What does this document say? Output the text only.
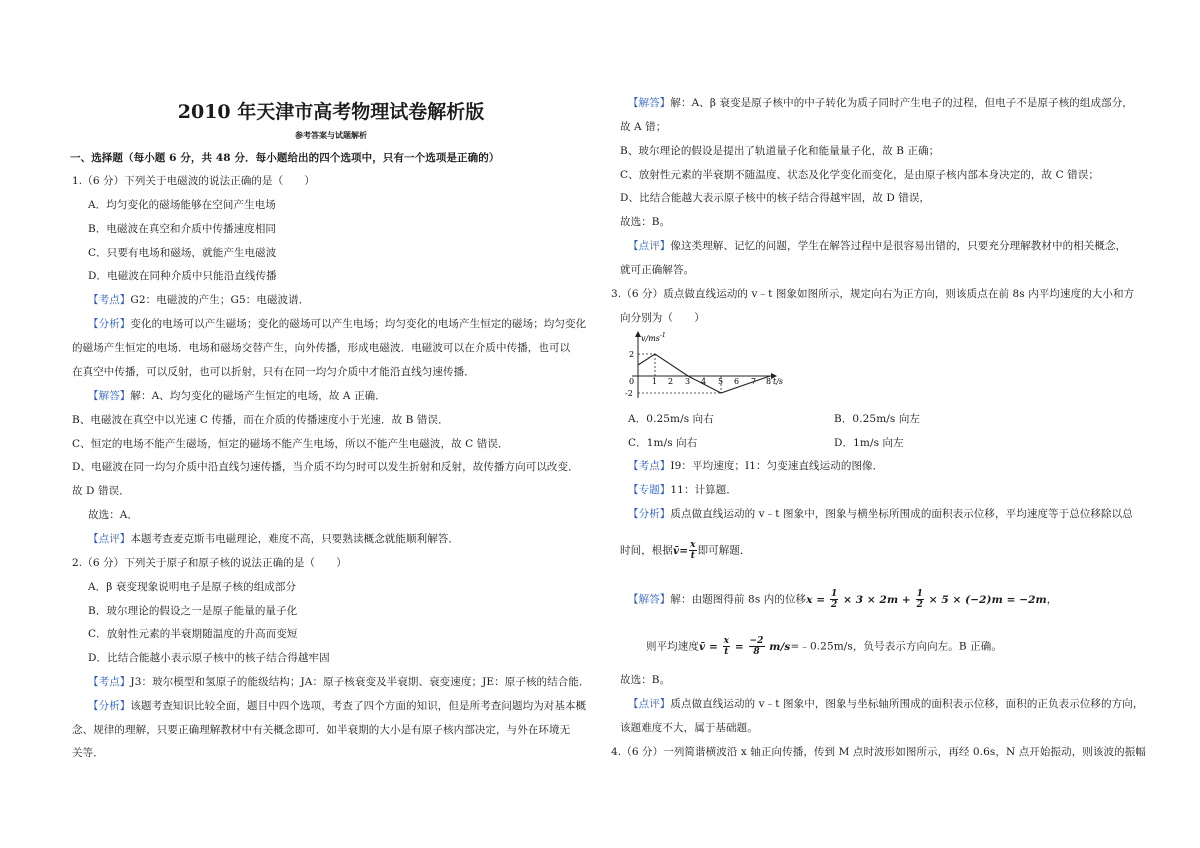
2010 年天津市高考物理试卷解析版
参考答案与试题解析
一、选择题（每小题 6 分，共 48 分．每小题给出的四个选项中，只有一个选项是正确的）
1.（6 分）下列关于电磁波的说法正确的是（　　）
A．均匀变化的磁场能够在空间产生电场
B．电磁波在真空和介质中传播速度相同
C．只要有电场和磁场，就能产生电磁波
D．电磁波在同种介质中只能沿直线传播
【考点】G2：电磁波的产生；G5：电磁波谱．
【分析】变化的电场可以产生磁场；变化的磁场可以产生电场；均匀变化的电场产生恒定的磁场；均匀变化
的磁场产生恒定的电场．电场和磁场交替产生，向外传播，形成电磁波．电磁波可以在介质中传播，也可以
在真空中传播，可以反射，也可以折射，只有在同一均匀介质中才能沿直线匀速传播．
【解答】解：A、均匀变化的磁场产生恒定的电场，故 A 正确．
B、电磁波在真空中以光速 C 传播，而在介质的传播速度小于光速．故 B 错误．
C、恒定的电场不能产生磁场，恒定的磁场不能产生电场，所以不能产生电磁波，故 C 错误．
D、电磁波在同一均匀介质中沿直线匀速传播，当介质不均匀时可以发生折射和反射，故传播方向可以改变．
故 D 错误．
故选：A．
【点评】本题考查麦克斯韦电磁理论，难度不高，只要熟读概念就能顺利解答．
2.（6 分）下列关于原子和原子核的说法正确的是（　　）
A．β 衰变现象说明电子是原子核的组成部分
B．玻尔理论的假设之一是原子能量的量子化
C．放射性元素的半衰期随温度的升高而变短
D．比结合能越小表示原子核中的核子结合得越牢固
【考点】J3：玻尔模型和氢原子的能级结构；JA：原子核衰变及半衰期、衰变速度；JE：原子核的结合能．
【分析】该题考查知识比较全面，题目中四个选项，考查了四个方面的知识，但是所考查问题均为对基本概
念、规律的理解，只要正确理解教材中有关概念即可．如半衰期的大小是有原子核内部决定，与外在环境无
关等．
【解答】解：A、β 衰变是原子核中的中子转化为质子同时产生电子的过程，但电子不是原子核的组成部分，
故 A 错；
B、玻尔理论的假设是提出了轨道量子化和能量量子化，故 B 正确；
C、放射性元素的半衰期不随温度、状态及化学变化而变化，是由原子核内部本身决定的，故 C 错误；
D、比结合能越大表示原子核中的核子结合得越牢固，故 D 错误，
故选：B。
【点评】像这类理解、记忆的问题，学生在解答过程中是很容易出错的，只要充分理解教材中的相关概念，
就可正确解答。
3.（6 分）质点做直线运动的 v﹣t 图象如图所示，规定向右为正方向，则该质点在前 8s 内平均速度的大小和方
向分别为（　　）
$v/ms^{-1}$
2
0
-2
1 2 3 4 5 6 7 8 t/s
A．0.25m/s 向右	B．0.25m/s 向左
C．1m/s 向右	D．1m/s 向左
【考点】I9：平均速度；I1：匀变速直线运动的图像．
【专题】11：计算题．
【分析】质点做直线运动的 v﹣t 图象中，图象与横坐标所围成的面积表示位移，平均速度等于总位移除以总
时间，根据v̄= $\frac{x}{t}$ 即可解题．
【解答】解：由题图得前 8s 内的位移$x = \frac{1}{2} \times 3 \times 2m + \frac{1}{2} \times 5 \times (-2)m = -2m$，
则平均速度v̄ = $\frac{x}{t} = \frac{-2}{8}$ m/s=﹣0.25m/s，负号表示方向向左。B 正确。
故选：B。
【点评】质点做直线运动的 v﹣t 图象中，图象与坐标轴所围成的面积表示位移，面积的正负表示位移的方向，
该题难度不大，属于基础题。
4.（6 分）一列简谐横波沿 x 轴正向传播，传到 M 点时波形如图所示，再经 0.6s，N 点开始振动，则该波的振幅
